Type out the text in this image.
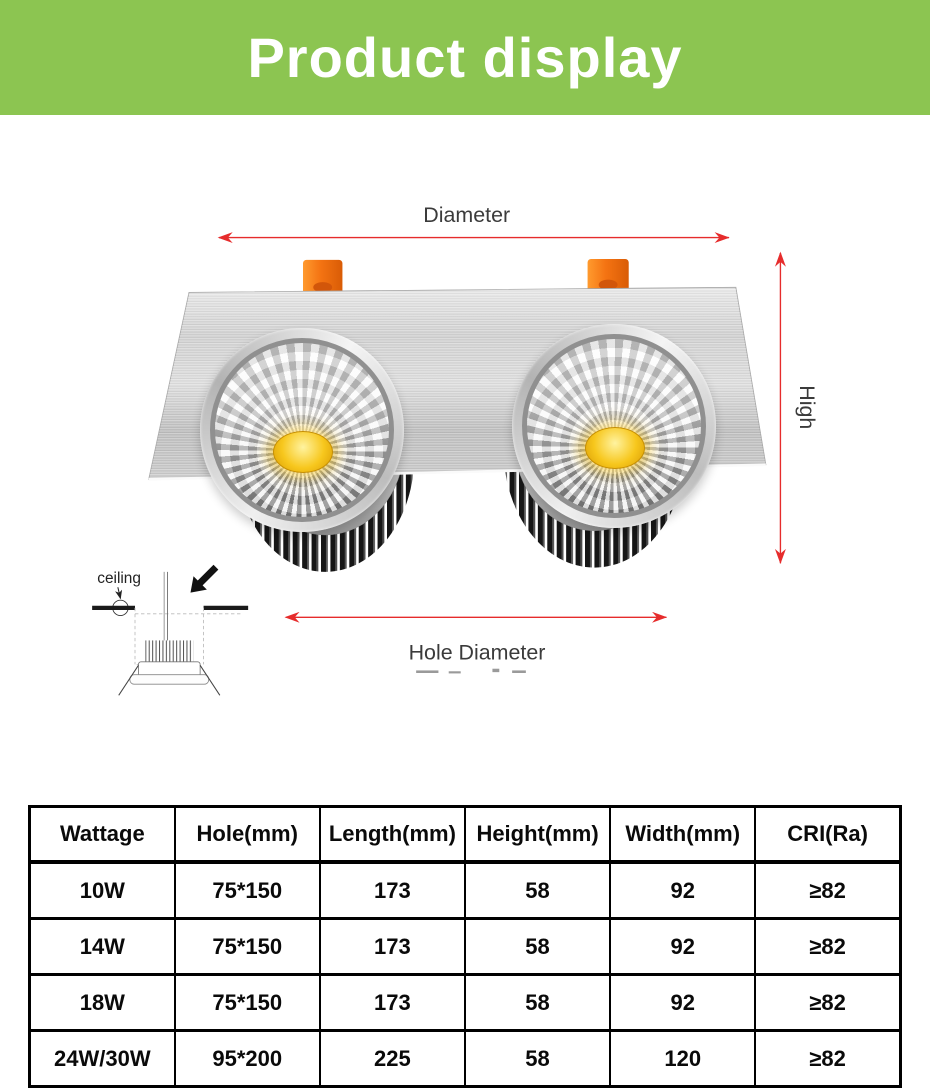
Product display
Diameter
High
Hole Diameter
ceiling
Wattage	Hole(mm)	Length(mm)	Height(mm)	Width(mm)	CRI(Ra)
10W	75*150	173	58	92	≥82
14W	75*150	173	58	92	≥82
18W	75*150	173	58	92	≥82
24W/30W	95*200	225	58	120	≥82
